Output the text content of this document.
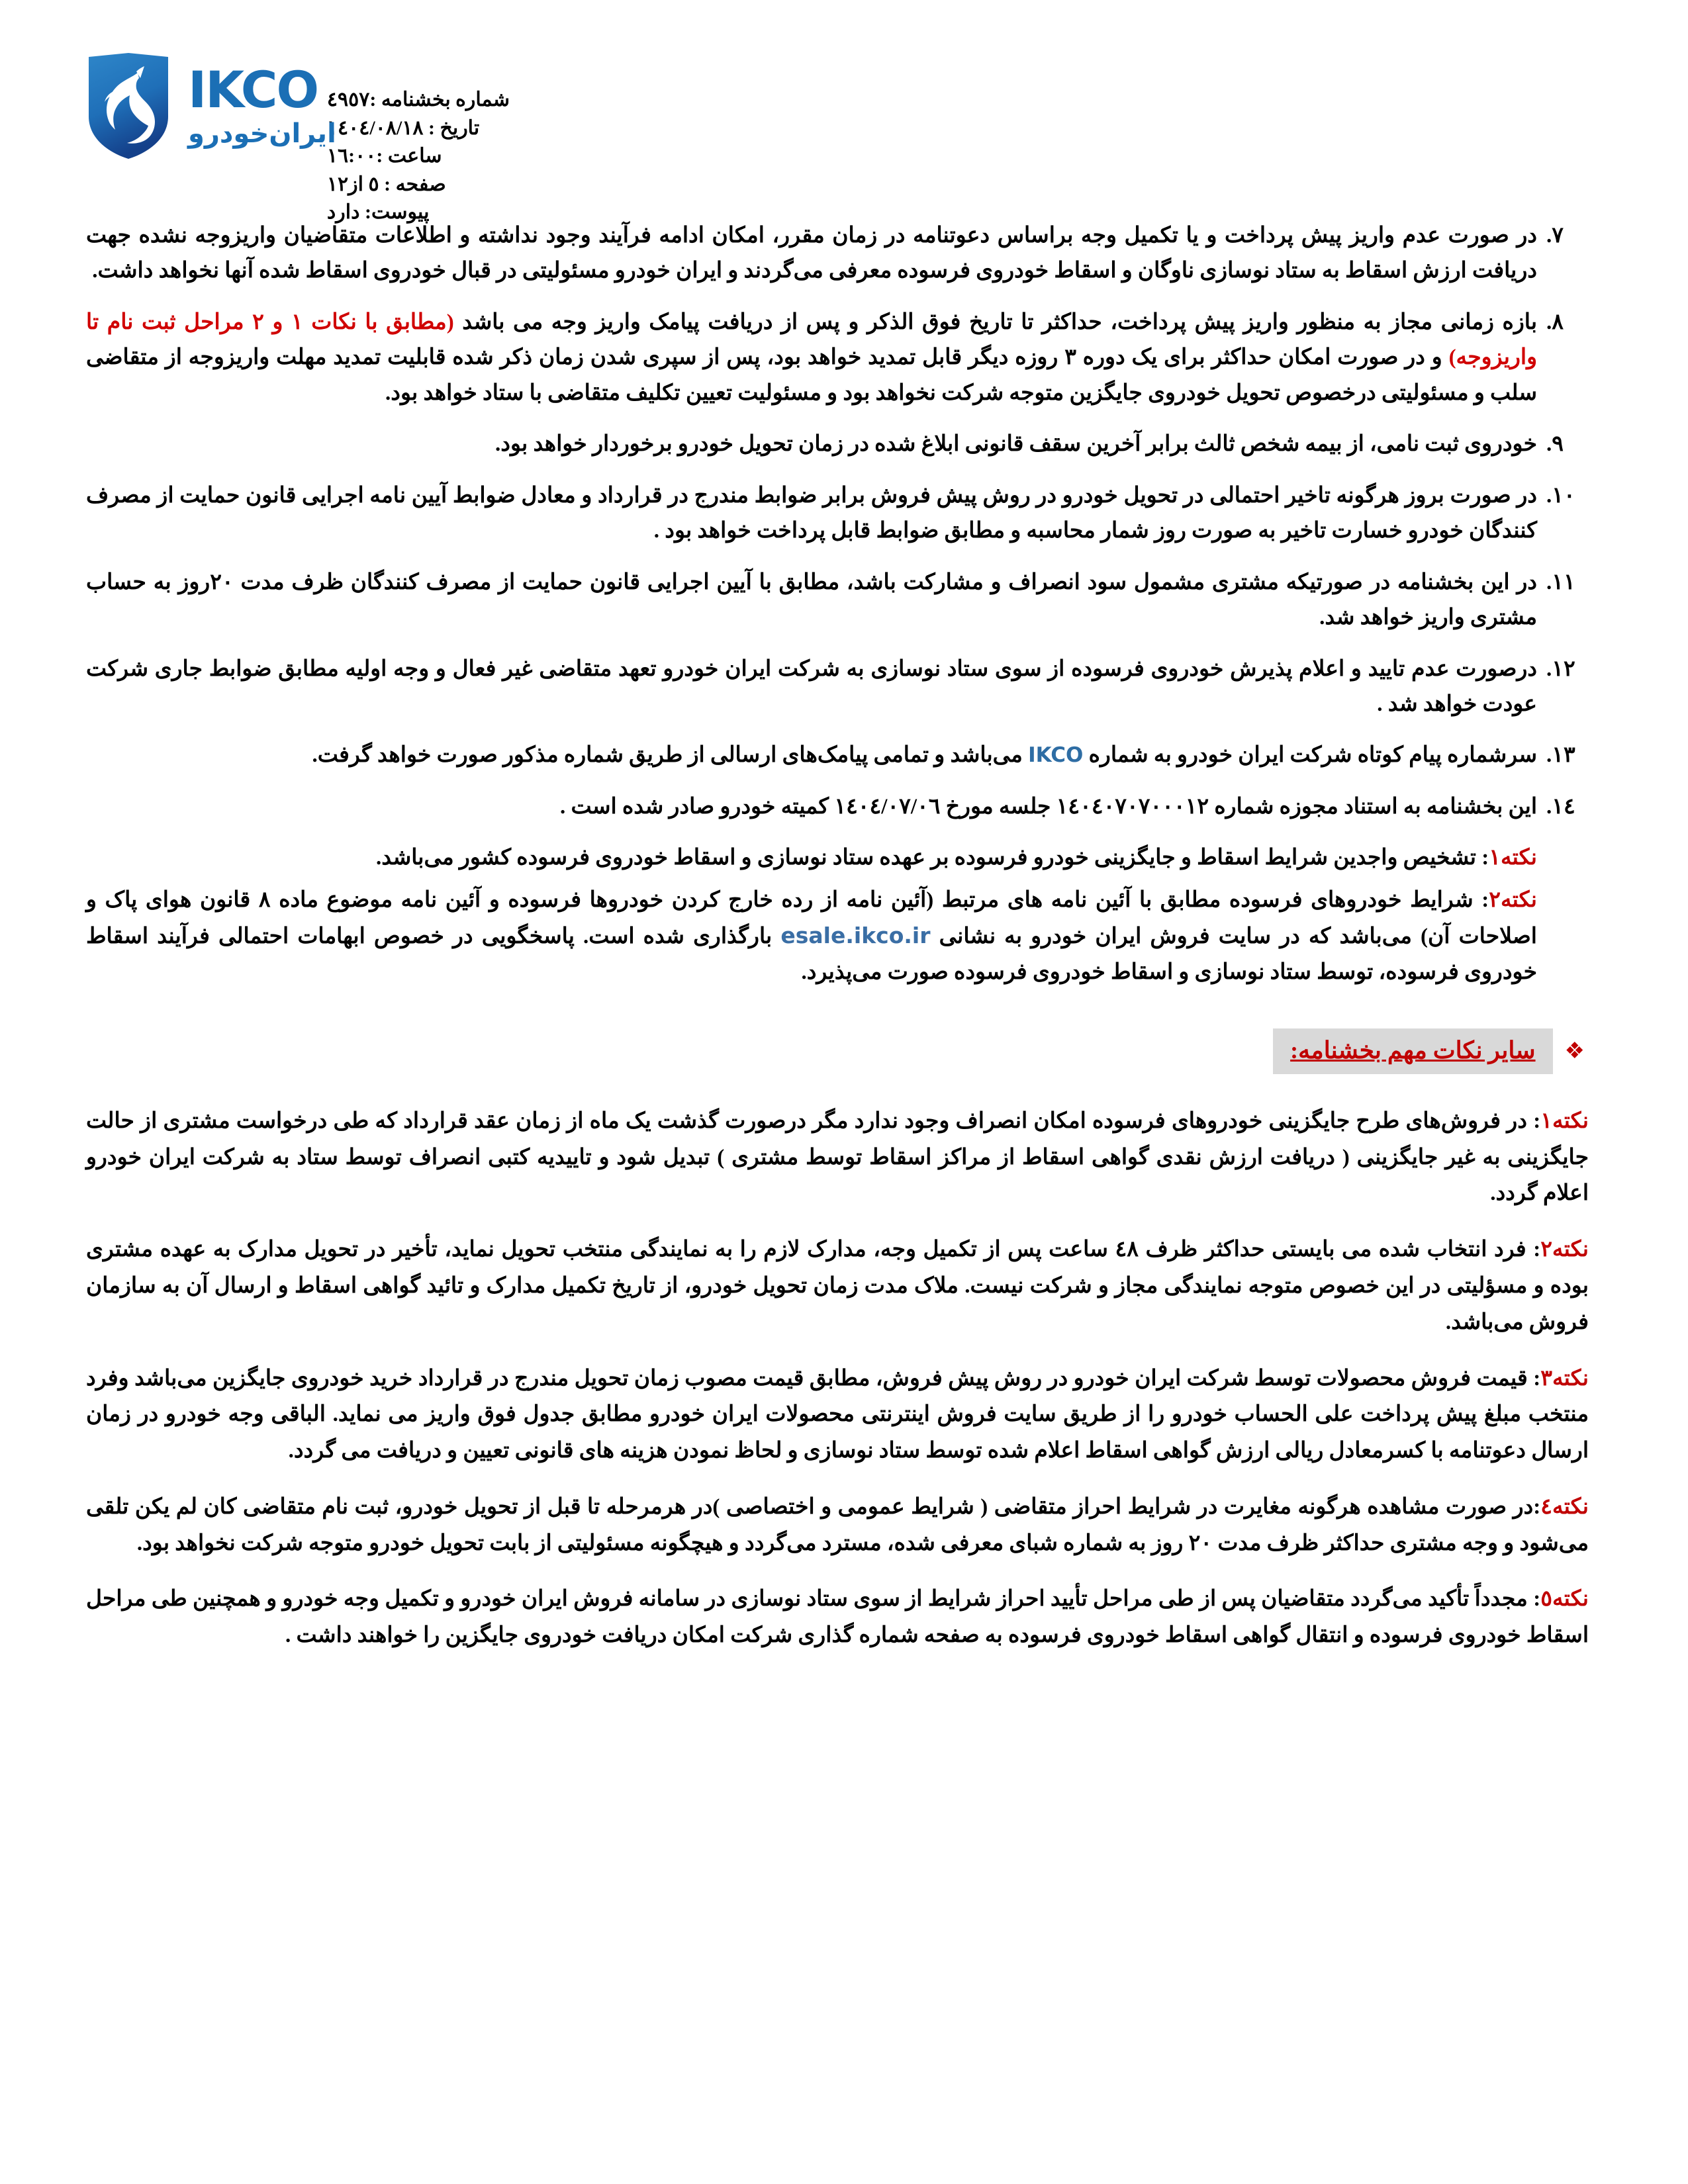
شماره بخشنامه :٤٩٥٧
تاریخ : ١٤٠٤/٠٨/١٨
ساعت :١٦:٠٠
صفحه : ٥ از١٢
پیوست: دارد
IKCO
ایران‌خودرو
٧.
در صورت عدم واریز پیش پرداخت و یا تکمیل وجه براساس دعوتنامه در زمان مقرر، امکان ادامه فرآیند وجود نداشته و اطلاعات متقاضیان واریزوجه نشده جهت دریافت ارزش اسقاط به ستاد نوسازی ناوگان و اسقاط خودروی فرسوده معرفی می‌گردند و ایران خودرو مسئولیتی در قبال خودروی اسقاط شده آنها نخواهد داشت.
٨.
بازه زمانی مجاز به منظور واریز پیش پرداخت، حداکثر تا تاریخ فوق الذکر و پس از دریافت پیامک واریز وجه می باشد (مطابق با نکات ١ و ٢ مراحل ثبت نام تا واریزوجه) و در صورت امکان حداکثر برای یک دوره ٣ روزه دیگر قابل تمدید خواهد بود، پس از سپری شدن زمان ذکر شده قابلیت تمدید مهلت واریزوجه از متقاضی سلب و مسئولیتی درخصوص تحویل خودروی جایگزین متوجه شرکت نخواهد بود و مسئولیت تعیین تکلیف متقاضی با ستاد خواهد بود.
٩.
خودروی ثبت نامی، از بیمه شخص ثالث برابر آخرین سقف قانونی ابلاغ شده در زمان تحویل خودرو برخوردار خواهد بود.
١٠.
در صورت بروز هرگونه تاخیر احتمالی در تحویل خودرو در روش پیش فروش برابر ضوابط مندرج در قرارداد و معادل ضوابط آیین نامه اجرایی قانون حمایت از مصرف کنندگان خودرو خسارت تاخیر به صورت روز شمار محاسبه و مطابق ضوابط قابل پرداخت خواهد بود .
١١.
در این بخشنامه در صورتیکه مشتری مشمول سود انصراف و مشارکت باشد، مطابق با آیین اجرایی قانون حمایت از مصرف کنندگان ظرف مدت ٢٠روز به حساب مشتری واریز خواهد شد.
١٢.
درصورت عدم تایید و اعلام پذیرش خودروی فرسوده از سوی ستاد نوسازی به شرکت ایران خودرو تعهد متقاضی غیر فعال و وجه اولیه مطابق ضوابط جاری شرکت عودت خواهد شد .
١٣.
سرشماره پیام کوتاه شرکت ایران خودرو به شماره IKCO می‌باشد و تمامی پیامک‌های ارسالی از طریق شماره مذکور صورت خواهد گرفت.
١٤.
این بخشنامه به استناد مجوزه شماره ١٤٠٤٠٧٠٧٠٠٠١٢ جلسه مورخ ١٤٠٤/٠٧/٠٦ کمیته خودرو صادر شده است .

نکته١: تشخیص واجدین شرایط اسقاط و جایگزینی خودرو فرسوده بر عهده ستاد نوسازی و اسقاط خودروی فرسوده کشور می‌باشد.

نکته٢: شرایط خودروهای فرسوده مطابق با آئین نامه های مرتبط (آئین نامه از رده خارج کردن خودروها فرسوده و آئین نامه موضوع ماده ٨ قانون هوای پاک و اصلاحات آن) می‌باشد که در سایت فروش ایران خودرو به نشانی esale.ikco.ir بارگذاری شده است. پاسخگویی در خصوص ابهامات احتمالی فرآیند اسقاط خودروی فرسوده، توسط ستاد نوسازی و اسقاط خودروی فرسوده صورت می‌پذیرد.

❖
سایر نکات مهم بخشنامه:

نکته١: در فروش‌های طرح جایگزینی خودروهای فرسوده امکان انصراف وجود ندارد مگر درصورت گذشت یک ماه از زمان عقد قرارداد که طی درخواست مشتری از حالت جایگزینی به غیر جایگزینی ( دریافت ارزش نقدی گواهی اسقاط از مراکز اسقاط توسط مشتری ) تبدیل شود و تاییدیه کتبی انصراف توسط ستاد به شرکت ایران خودرو اعلام گردد.

نکته٢: فرد انتخاب شده می بایستی حداکثر ظرف ٤٨ ساعت پس از تکمیل وجه، مدارک لازم را به نمایندگی منتخب تحویل نماید، تأخیر در تحویل مدارک به عهده مشتری بوده و مسؤلیتی در این خصوص متوجه نمایندگی مجاز و شرکت نیست. ملاک مدت زمان تحویل خودرو، از تاریخ تکمیل مدارک و تائید گواهی اسقاط و ارسال آن به سازمان فروش می‌باشد.

نکته٣: قیمت فروش محصولات توسط شرکت ایران خودرو در روش پیش فروش، مطابق قیمت مصوب زمان تحویل مندرج در قرارداد خرید خودروی جایگزین می‌باشد وفرد منتخب مبلغ پیش پرداخت علی الحساب خودرو را از طریق سایت فروش اینترنتی محصولات ایران خودرو مطابق جدول فوق واریز می نماید. الباقی وجه خودرو در زمان ارسال دعوتنامه با کسرمعادل ریالی ارزش گواهی اسقاط اعلام شده توسط ستاد نوسازی و لحاظ نمودن هزینه های قانونی تعیین و دریافت می گردد.

نکته٤:در صورت مشاهده هرگونه مغایرت در شرایط احراز متقاضی ( شرایط عمومی و اختصاصی )در هرمرحله تا قبل از تحویل خودرو، ثبت نام متقاضی کان لم یکن تلقی می‌شود و وجه مشتری حداکثر ظرف مدت ٢٠ روز به شماره شبای معرفی شده، مسترد می‌گردد و هیچگونه مسئولیتی از بابت تحویل خودرو متوجه شرکت نخواهد بود.

نکته٥: مجدداً تأکید می‌گردد متقاضیان پس از طی مراحل تأیید احراز شرایط از سوی ستاد نوسازی در سامانه فروش ایران خودرو و تکمیل وجه خودرو و همچنین طی مراحل اسقاط خودروی فرسوده و انتقال گواهی اسقاط خودروی فرسوده به صفحه شماره گذاری شرکت امکان دریافت خودروی جایگزین را خواهند داشت .
